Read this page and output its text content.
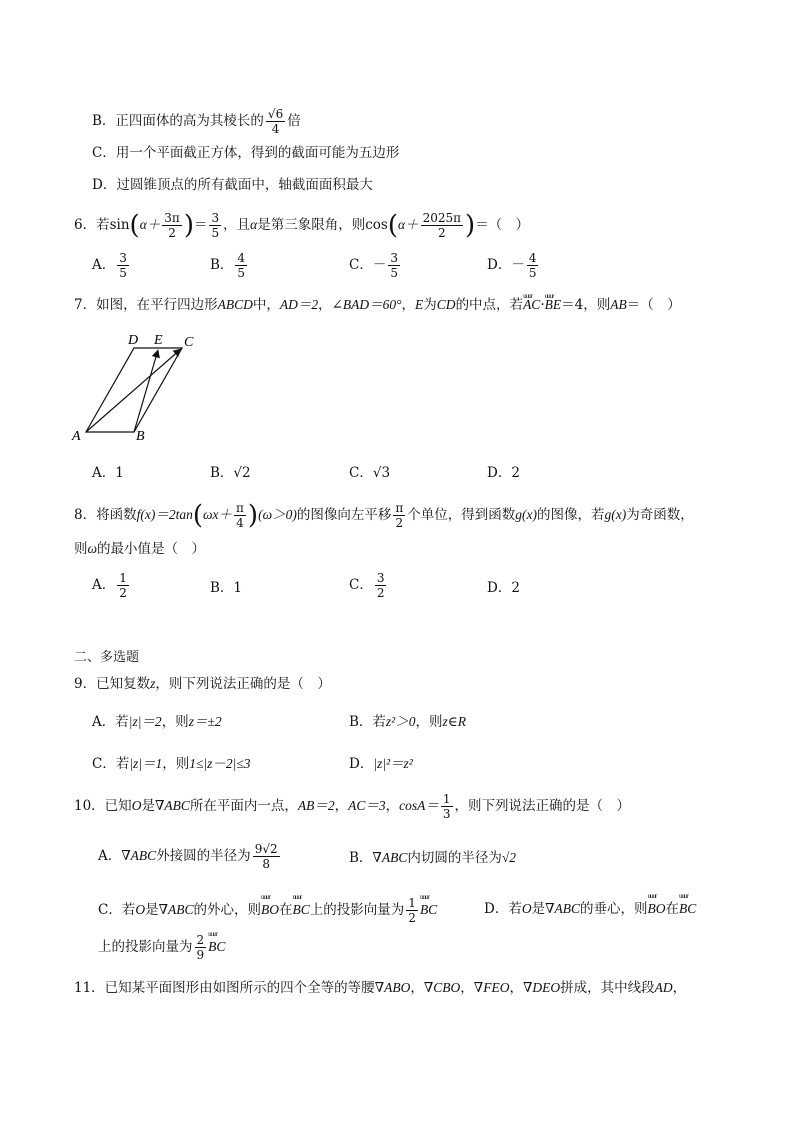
B．正四面体的高为其棱长的 $\frac{√6}{4}$ 倍
C．用一个平面截正方体，得到的截面可能为五边形
D．过圆锥顶点的所有截面中，轴截面面积最大
6．若$\sin(\alpha+ \frac{3\pi}{2}$ )＝ $\frac{3}{5}$ ，且α是第三象限角，则$\cos(\alpha+ \frac{2025\pi}{2}$ )＝（　）
A． $\frac{3}{5}$	B． $\frac{4}{5}$	C．－ $\frac{3}{5}$	D．－ $\frac{4}{5}$
7．如图，在平行四边形ABCD中，AD＝2，∠BAD＝60°，E为CD的中点，若uuur AC·uuur BE＝4，则AB＝（　）
D E C
A	B
A．1	B．√2	C．√3	D．2
8．将函数$f(x)=2\tan(\omega x+ \frac{\pi}{4} )(\omega>0)$的图像向左平移 $\frac{\pi}{2}$ 个单位，得到函数g(x)的图像，若g(x)为奇函数，
则ω的最小值是（　）
A． $\frac{1}{2}$	B．1	C． $\frac{3}{2}$	D．2
二、多选题
9．已知复数z，则下列说法正确的是（　）
A．若|z|＝2，则z＝±2	B．若z²＞0，则z∈R
C．若|z|＝1，则1≤|z－2|≤3	D．|z|²＝z²
10．已知O是∇ABC所在平面内一点，AB＝2，AC＝3，$\cos A= \frac{1}{3}$ ，则下列说法正确的是（　）
A．∇ABC外接圆的半径为 $\frac{9√2}{8}$	B．∇ABC内切圆的半径为√2
C．若O是∇ABC的外心，则uuur BO在uuur BC上的投影向量为 $\frac{1}{2}$ uuur BC	D．若O是∇ABC的垂心，则uuur BO在uuur BC
上的投影向量为 $\frac{2}{9}$ uuur BC
11．已知某平面图形由如图所示的四个全等的等腰∇ABO，∇CBO，∇FEO，∇DEO拼成，其中线段AD，
